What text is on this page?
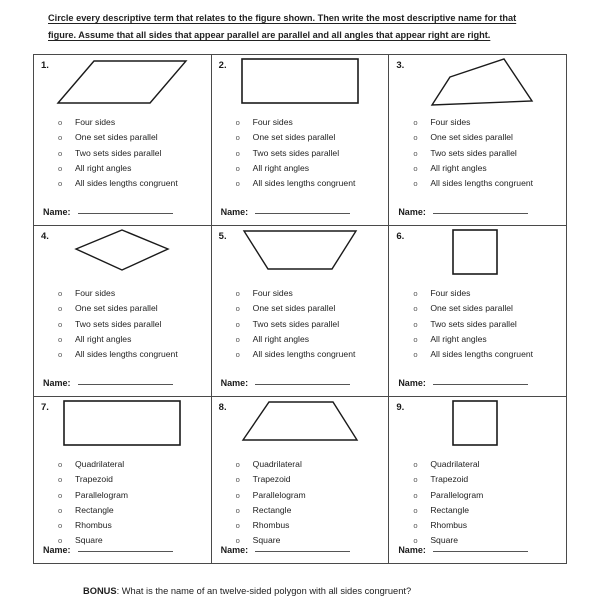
Circle every descriptive term that relates to the figure shown. Then write the most descriptive name for that
figure. Assume that all sides that appear parallel are parallel and all angles that appear right are right.
1.
o	Four sides
o	One set sides parallel
o	Two sets sides parallel
o	All right angles
o	All sides lengths congruent
Name:

2.
o	Four sides
o	One set sides parallel
o	Two sets sides parallel
o	All right angles
o	All sides lengths congruent
Name:

3.
o	Four sides
o	One set sides parallel
o	Two sets sides parallel
o	All right angles
o	All sides lengths congruent
Name:

4.
o	Four sides
o	One set sides parallel
o	Two sets sides parallel
o	All right angles
o	All sides lengths congruent
Name:

5.
o	Four sides
o	One set sides parallel
o	Two sets sides parallel
o	All right angles
o	All sides lengths congruent
Name:

6.
o	Four sides
o	One set sides parallel
o	Two sets sides parallel
o	All right angles
o	All sides lengths congruent
Name:

7.
o	Quadrilateral
o	Trapezoid
o	Parallelogram
o	Rectangle
o	Rhombus
o	Square
Name:

8.
o	Quadrilateral
o	Trapezoid
o	Parallelogram
o	Rectangle
o	Rhombus
o	Square
Name:

9.
o	Quadrilateral
o	Trapezoid
o	Parallelogram
o	Rectangle
o	Rhombus
o	Square
Name:
BONUS: What is the name of an twelve-sided polygon with all sides congruent?
